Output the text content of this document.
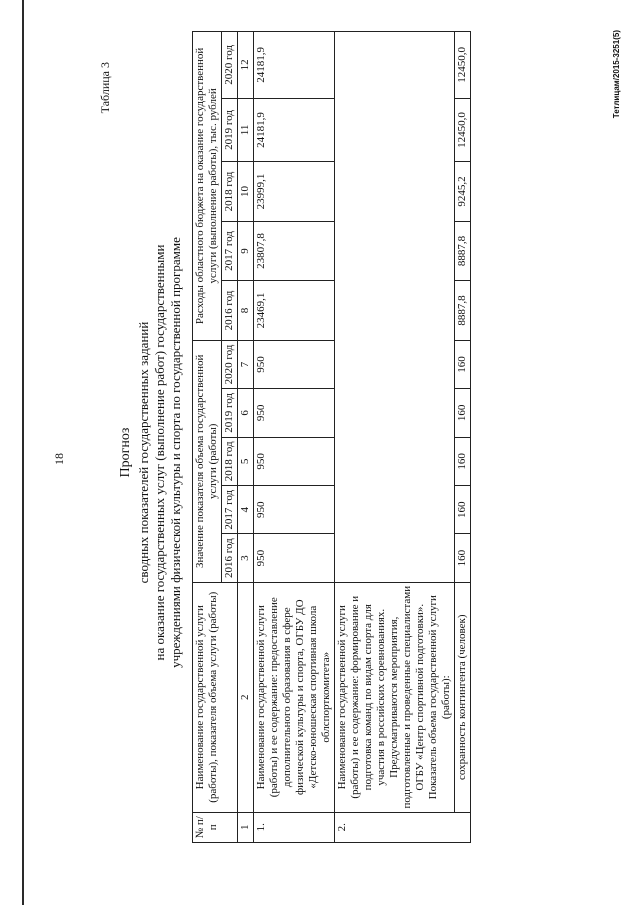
18
Таблица 3
Прогноз сводных показателей государственных заданий на оказание государственных услуг (выполнение работ) государственными учреждениями физической культуры и спорта по государственной программе
№ п/п	Наименование государственной услуги (работы), показателя объема услуги (работы)	Значение показателя объема государственной услуги (работы)					Расходы областного бюджета на оказание государственной услуги (выполнение работы), тыс. рублей				
		2016 год	2017 год	2018 год	2019 год	2020 год	2016 год	2017 год	2018 год	2019 год	2020 год
1	2	3	4	5	6	7	8	9	10	11	12
1.	Наименование государственной услуги (работы) и ее содержание: предоставление дополнительного образования в сфере физической культуры и спорта, ОГБУ ДО «Детско-юношеская спортивная школа облспорткомитета»	950	950	950	950	950	23469,1	23807,8	23999,1	24181,9	24181,9
2.	Наименование государственной услуги (работы) и ее содержание: формирование и подготовка команд по видам спорта для участия в российских соревнованиях. Предусматриваются мероприятия, подготовленные и проведенные специалистами ОГБУ «Центр спортивной подготовки». Показатель объема государственной услуги (работы):										
	сохранность контингента (человек)	160	160	160	160	160	8887,8	8887,8	9245,2	12450,0	12450,0	Тетлицам/2015-3251(5)
